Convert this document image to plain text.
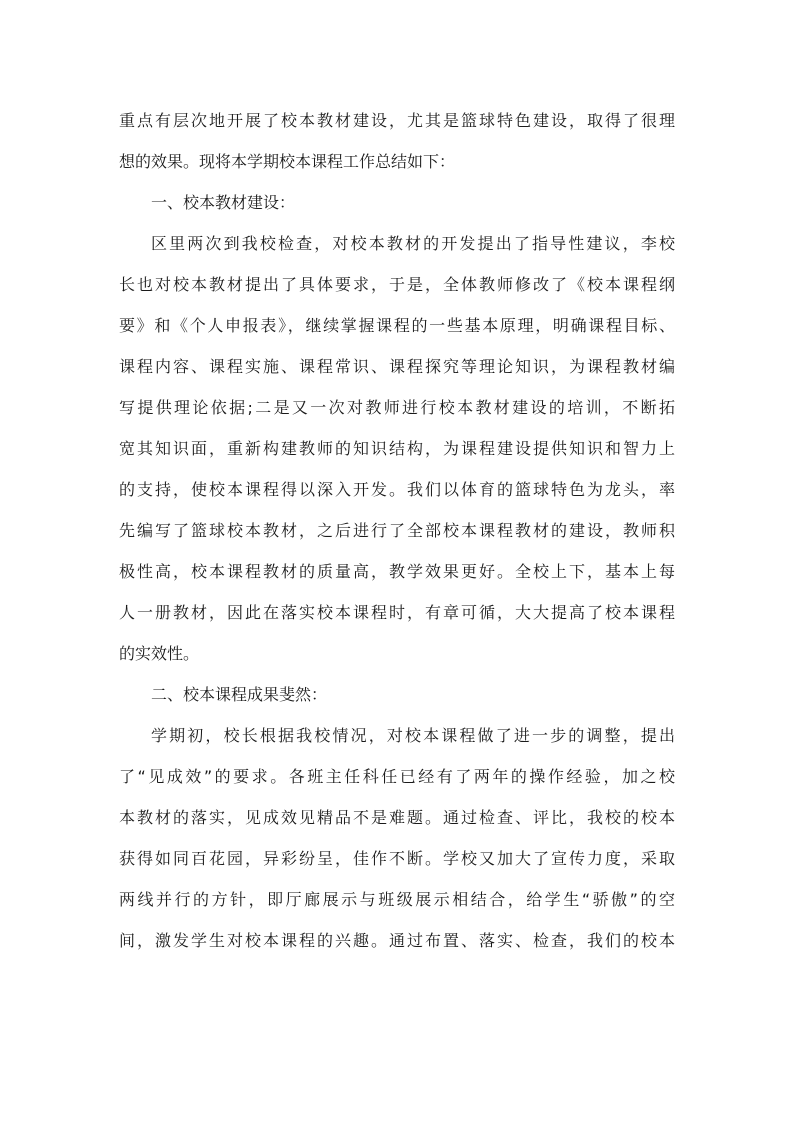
重点有层次地开展了校本教材建设，尤其是篮球特色建设，取得了很理
想的效果。现将本学期校本课程工作总结如下：
一、校本教材建设：
区里两次到我校检查，对校本教材的开发提出了指导性建议，李校
长也对校本教材提出了具体要求，于是，全体教师修改了《校本课程纲
要》和《个人申报表》，继续掌握课程的一些基本原理，明确课程目标、
课程内容、课程实施、课程常识、课程探究等理论知识，为课程教材编
写提供理论依据;二是又一次对教师进行校本教材建设的培训，不断拓
宽其知识面，重新构建教师的知识结构，为课程建设提供知识和智力上
的支持，使校本课程得以深入开发。我们以体育的篮球特色为龙头，率
先编写了篮球校本教材，之后进行了全部校本课程教材的建设，教师积
极性高，校本课程教材的质量高，教学效果更好。全校上下，基本上每
人一册教材，因此在落实校本课程时，有章可循，大大提高了校本课程
的实效性。
二、校本课程成果斐然：
学期初，校长根据我校情况，对校本课程做了进一步的调整，提出
了“见成效”的要求。各班主任科任已经有了两年的操作经验，加之校
本教材的落实，见成效见精品不是难题。通过检查、评比，我校的校本
获得如同百花园，异彩纷呈，佳作不断。学校又加大了宣传力度，采取
两线并行的方针，即厅廊展示与班级展示相结合，给学生“骄傲”的空
间，激发学生对校本课程的兴趣。通过布置、落实、检查，我们的校本
